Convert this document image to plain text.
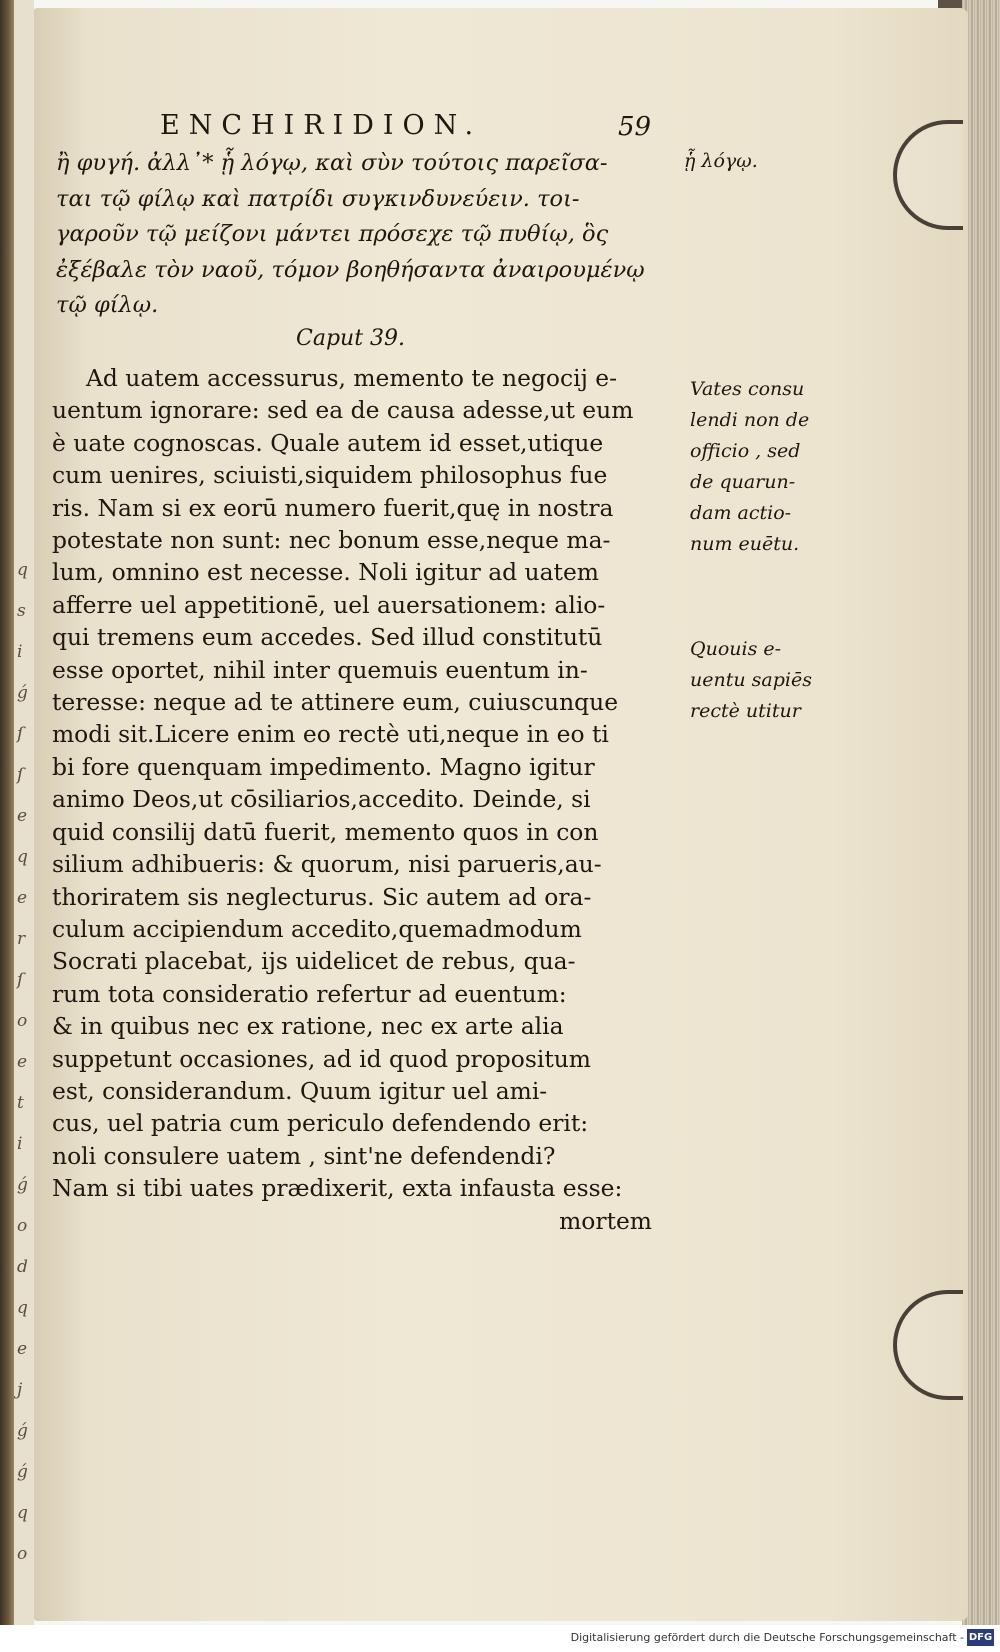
q
s
i
ǵ
ſ
ſ
e
q
e
r
ſ
o
e
t
i
ǵ
o
d
q
e
j
ǵ
ǵ
q
o
ENCHIRIDION.	59
ἢ φυγή. ἀλλ᾽* ᾗ λόγῳ, καὶ σὺν τούτοις παρεῖσα-
ται τῷ φίλῳ καὶ πατρίδι συγκινδυνεύειν. τοι-
γαροῦν τῷ μείζονι μάντει πρόσεχε τῷ πυθίῳ, ὃς
ἐξέβαλε τὸν ναοῦ, τόμον βοηθήσαντα ἀναιρουμένῳ
τῷ φίλῳ.
ᾗ λόγῳ.
Caput 39.
Ad uatem accessurus, memento te negocij e-
uentum ignorare: sed ea de causa adesse,ut eum
è uate cognoscas. Quale autem id esset,utique
cum uenires, sciuisti,siquidem philosophus fue
ris. Nam si ex eorū numero fuerit,quę in nostra
potestate non sunt: nec bonum esse,neque ma-
lum, omnino est necesse. Noli igitur ad uatem
afferre uel appetitionē, uel auersationem: alio-
qui tremens eum accedes. Sed illud constitutū
esse oportet, nihil inter quemuis euentum in-
teresse: neque ad te attinere eum, cuiuscunque
modi sit.Licere enim eo rectè uti,neque in eo ti
bi fore quenquam impedimento. Magno igitur
animo Deos,ut cōsiliarios,accedito. Deinde, si
quid consilij datū fuerit, memento quos in con
silium adhibueris: & quorum, nisi parueris,au-
thoriratem sis neglecturus. Sic autem ad ora-
culum accipiendum accedito,quemadmodum
Socrati placebat, ijs uidelicet de rebus, qua-
rum tota consideratio refertur ad euentum:
& in quibus nec ex ratione, nec ex arte alia
suppetunt occasiones, ad id quod propositum
est, considerandum. Quum igitur uel ami-
cus, uel patria cum periculo defendendo erit:
noli consulere uatem , sint'ne defendendi?
Nam si tibi uates prædixerit, exta infausta esse:
mortem
Vates consu
lendi non de
officio , sed
de quarun-
dam actio-
num euētu.
Quouis e-
uentu sapiēs
rectè utitur
Digitalisierung gefördert durch die Deutsche Forschungsgemeinschaft - DFG
